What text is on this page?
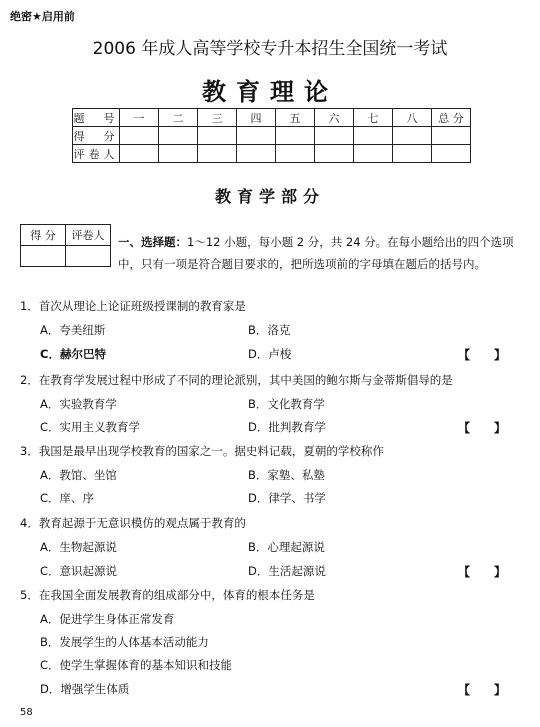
绝密★启用前
2006 年成人高等学校专升本招生全国统一考试
教育理论
题　号	一	二	三	四	五	六	七	八	总 分
得　分									
评卷人									
教育学部分
得 分	评卷人
	一、选择题：1～12 小题，每小题 2 分，共 24 分。在每小题给出的四个选项中，只有一项是符合题目要求的，把所选项前的字母填在题后的括号内。
1．首次从理论上论证班级授课制的教育家是
A．夸美纽斯	B．洛克
C．赫尔巴特	D．卢梭	【　　】
2．在教育学发展过程中形成了不同的理论派别，其中美国的鲍尔斯与金蒂斯倡导的是
A．实验教育学	B．文化教育学
C．实用主义教育学	D．批判教育学	【　　】
3．我国是最早出现学校教育的国家之一。据史料记载，夏朝的学校称作
A．教馆、坐馆	B．家塾、私塾
C．庠、序	D．律学、书学
4．教育起源于无意识模仿的观点属于教育的
A．生物起源说	B．心理起源说
C．意识起源说	D．生活起源说	【　　】
5．在我国全面发展教育的组成部分中，体育的根本任务是
A．促进学生身体正常发育
B．发展学生的人体基本活动能力
C．使学生掌握体育的基本知识和技能
D．增强学生体质	【　　】
58
